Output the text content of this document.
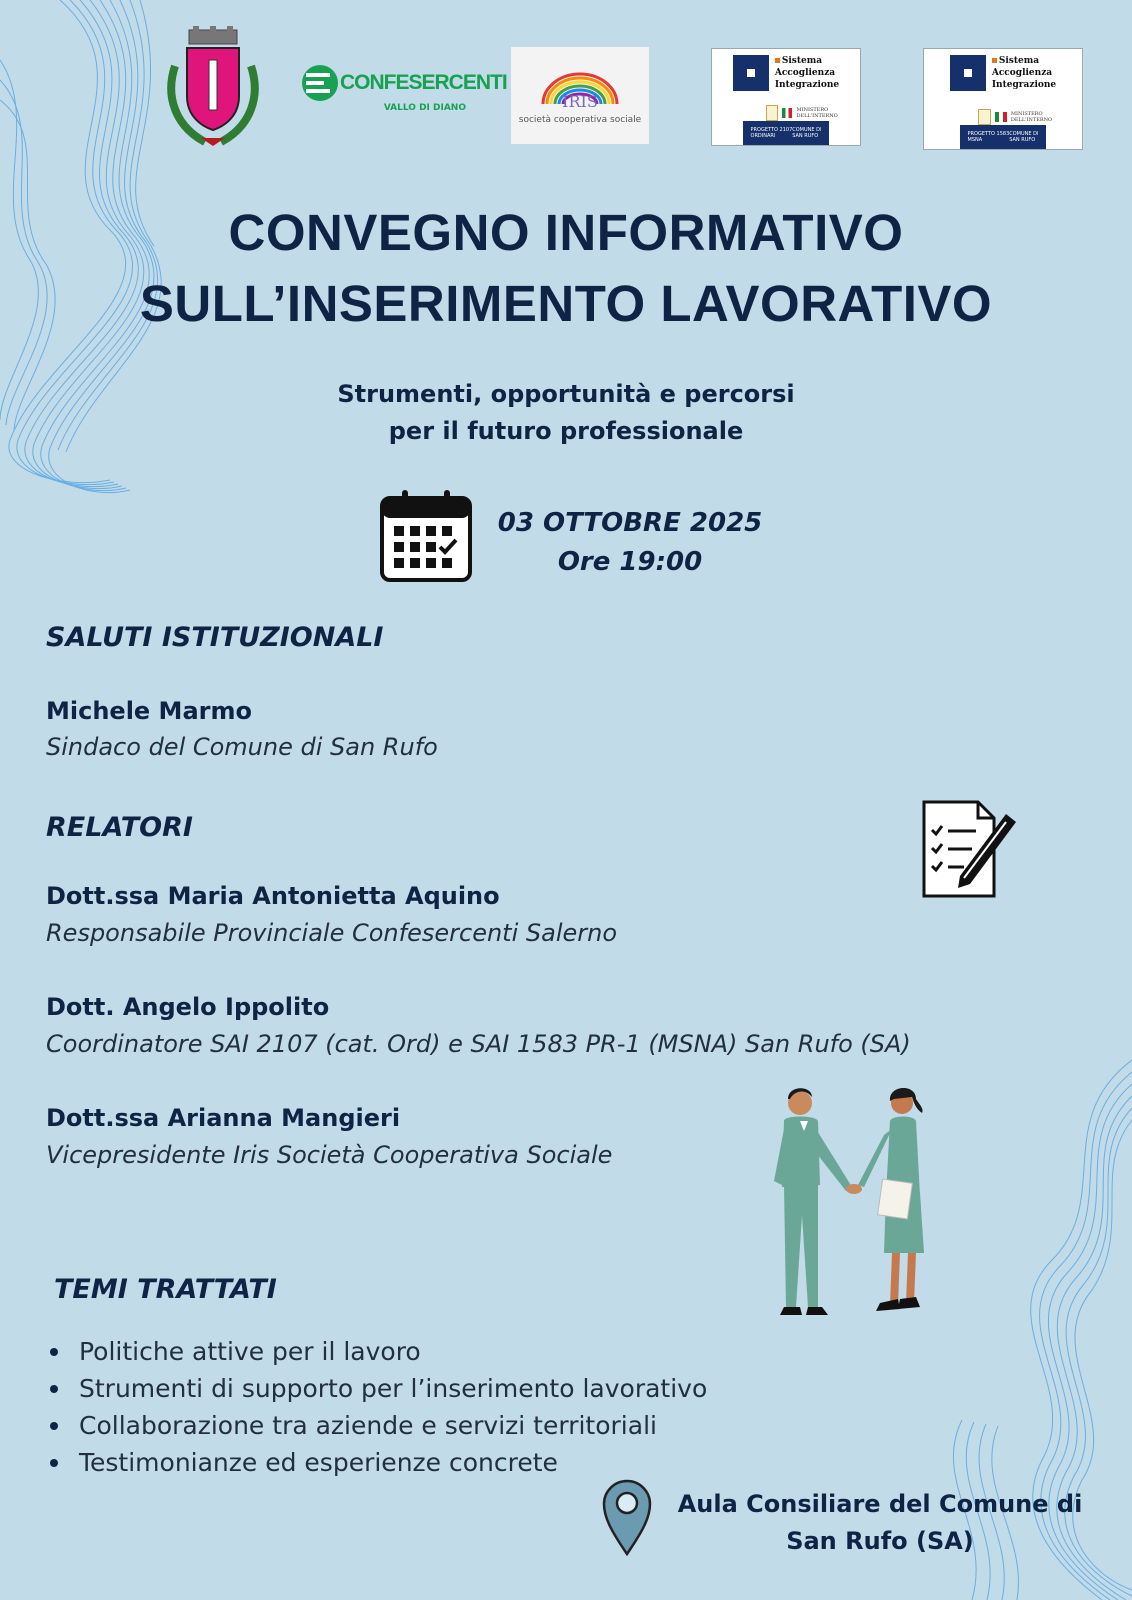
CONFESERCENTI
VALLO DI DIANO	IRIS
società cooperativa sociale
Sistema
Accoglienza
Integrazione
MINISTERO DELL'INTERNO
PROGETTO 2107
ORDINARI
COMUNE DI
SAN RUFO
Sistema
Accoglienza
Integrazione
MINISTERO DELL'INTERNO
PROGETTO 1583
MSNA
COMUNE DI
SAN RUFO
CONVEGNO INFORMATIVO
SULL’INSERIMENTO LAVORATIVO
Strumenti, opportunità e percorsi
per il futuro professionale
03 OTTOBRE 2025
Ore 19:00
SALUTI ISTITUZIONALI
Michele Marmo
Sindaco del Comune di San Rufo
RELATORI
Dott.ssa Maria Antonietta Aquino
Responsabile Provinciale Confesercenti Salerno
Dott. Angelo Ippolito
Coordinatore SAI 2107 (cat. Ord) e SAI 1583 PR-1 (MSNA) San Rufo (SA)
Dott.ssa Arianna Mangieri
Vicepresidente Iris Società Cooperativa Sociale
TEMI TRATTATI
Politiche attive per il lavoro
Strumenti di supporto per l’inserimento lavorativo
Collaborazione tra aziende e servizi territoriali
Testimonianze ed esperienze concrete
Aula Consiliare del Comune di
San Rufo (SA)
